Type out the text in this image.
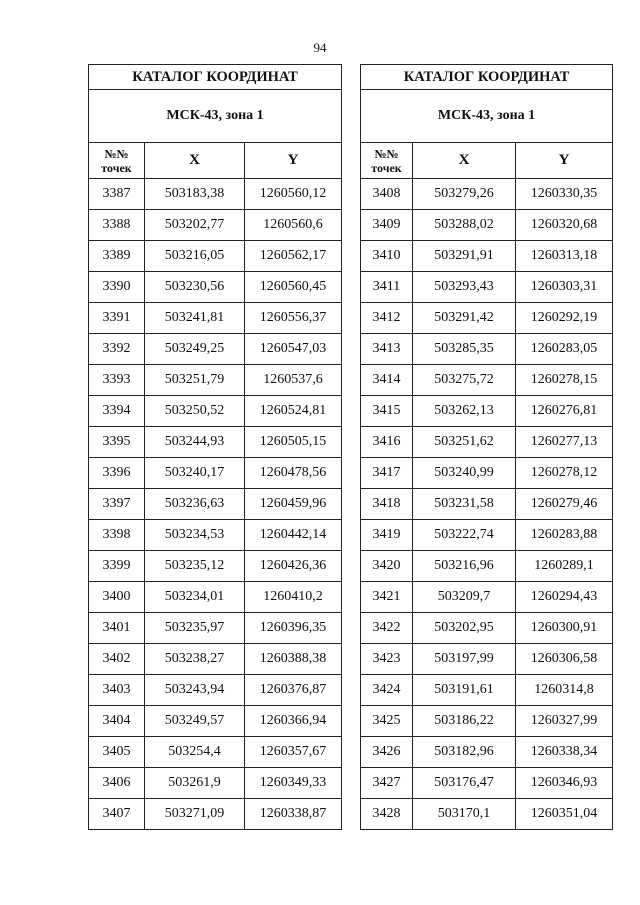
94
КАТАЛОГ КООРДИНАТ		
МСК-43, зона 1		
№№
точек	X	Y
3387	503183,38	1260560,12
3388	503202,77	1260560,6
3389	503216,05	1260562,17
3390	503230,56	1260560,45
3391	503241,81	1260556,37
3392	503249,25	1260547,03
3393	503251,79	1260537,6
3394	503250,52	1260524,81
3395	503244,93	1260505,15
3396	503240,17	1260478,56
3397	503236,63	1260459,96
3398	503234,53	1260442,14
3399	503235,12	1260426,36
3400	503234,01	1260410,2
3401	503235,97	1260396,35
3402	503238,27	1260388,38
3403	503243,94	1260376,87
3404	503249,57	1260366,94
3405	503254,4	1260357,67
3406	503261,9	1260349,33
3407	503271,09	1260338,87
КАТАЛОГ КООРДИНАТ		
МСК-43, зона 1		
№№
точек	X	Y
3408	503279,26	1260330,35
3409	503288,02	1260320,68
3410	503291,91	1260313,18
3411	503293,43	1260303,31
3412	503291,42	1260292,19
3413	503285,35	1260283,05
3414	503275,72	1260278,15
3415	503262,13	1260276,81
3416	503251,62	1260277,13
3417	503240,99	1260278,12
3418	503231,58	1260279,46
3419	503222,74	1260283,88
3420	503216,96	1260289,1
3421	503209,7	1260294,43
3422	503202,95	1260300,91
3423	503197,99	1260306,58
3424	503191,61	1260314,8
3425	503186,22	1260327,99
3426	503182,96	1260338,34
3427	503176,47	1260346,93
3428	503170,1	1260351,04
